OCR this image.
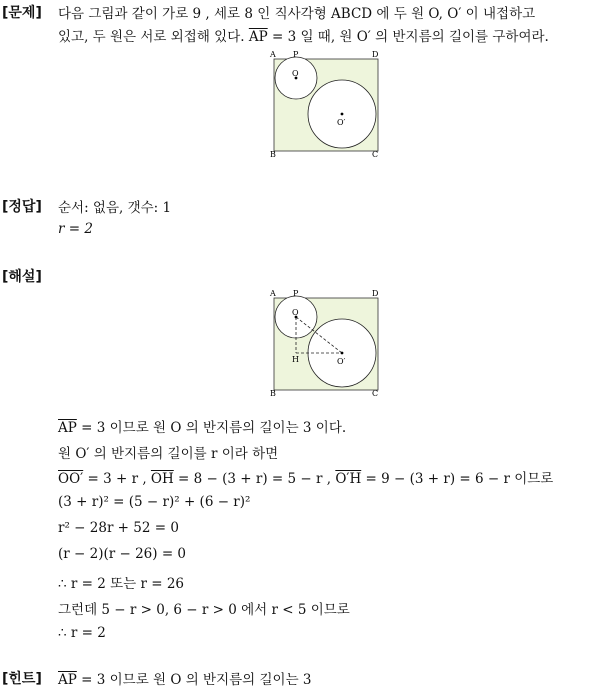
[문제] 다음 그림과 같이 가로 9 , 세로 8 인 직사각형 ABCD 에 두 원 O, O′ 이 내접하고
있고, 두 원은 서로 외접해 있다. $\overline{AP} = 3$ 일 때, 원 O′ 의 반지름의 길이를 구하여라.
A P	D
B	C
O
O′
[정답] 순서: 없음, 갯수: 1
r = 2
[해설]
A P	D
B	C
O
O′
H
$\overline{AP} = 3$ 이므로 원 O 의 반지름의 길이는 3 이다.
원 O′ 의 반지름의 길이를 r 이라 하면
OO′ = 3 + r , $\overline{OH} = 8 - (3 + r) = 5 - r$ , O′H = 9 − (3 + r) = 6 − r 이므로
(3 + r)² = (5 − r)² + (6 − r)²
r² − 28r + 52 = 0
(r − 2)(r − 26) = 0
∴ r = 2 또는 r = 26
그런데 5 − r > 0, 6 − r > 0 에서 r < 5 이므로
∴ r = 2
[힌트] $\overline{AP} = 3$ 이므로 원 O 의 반지름의 길이는 3
